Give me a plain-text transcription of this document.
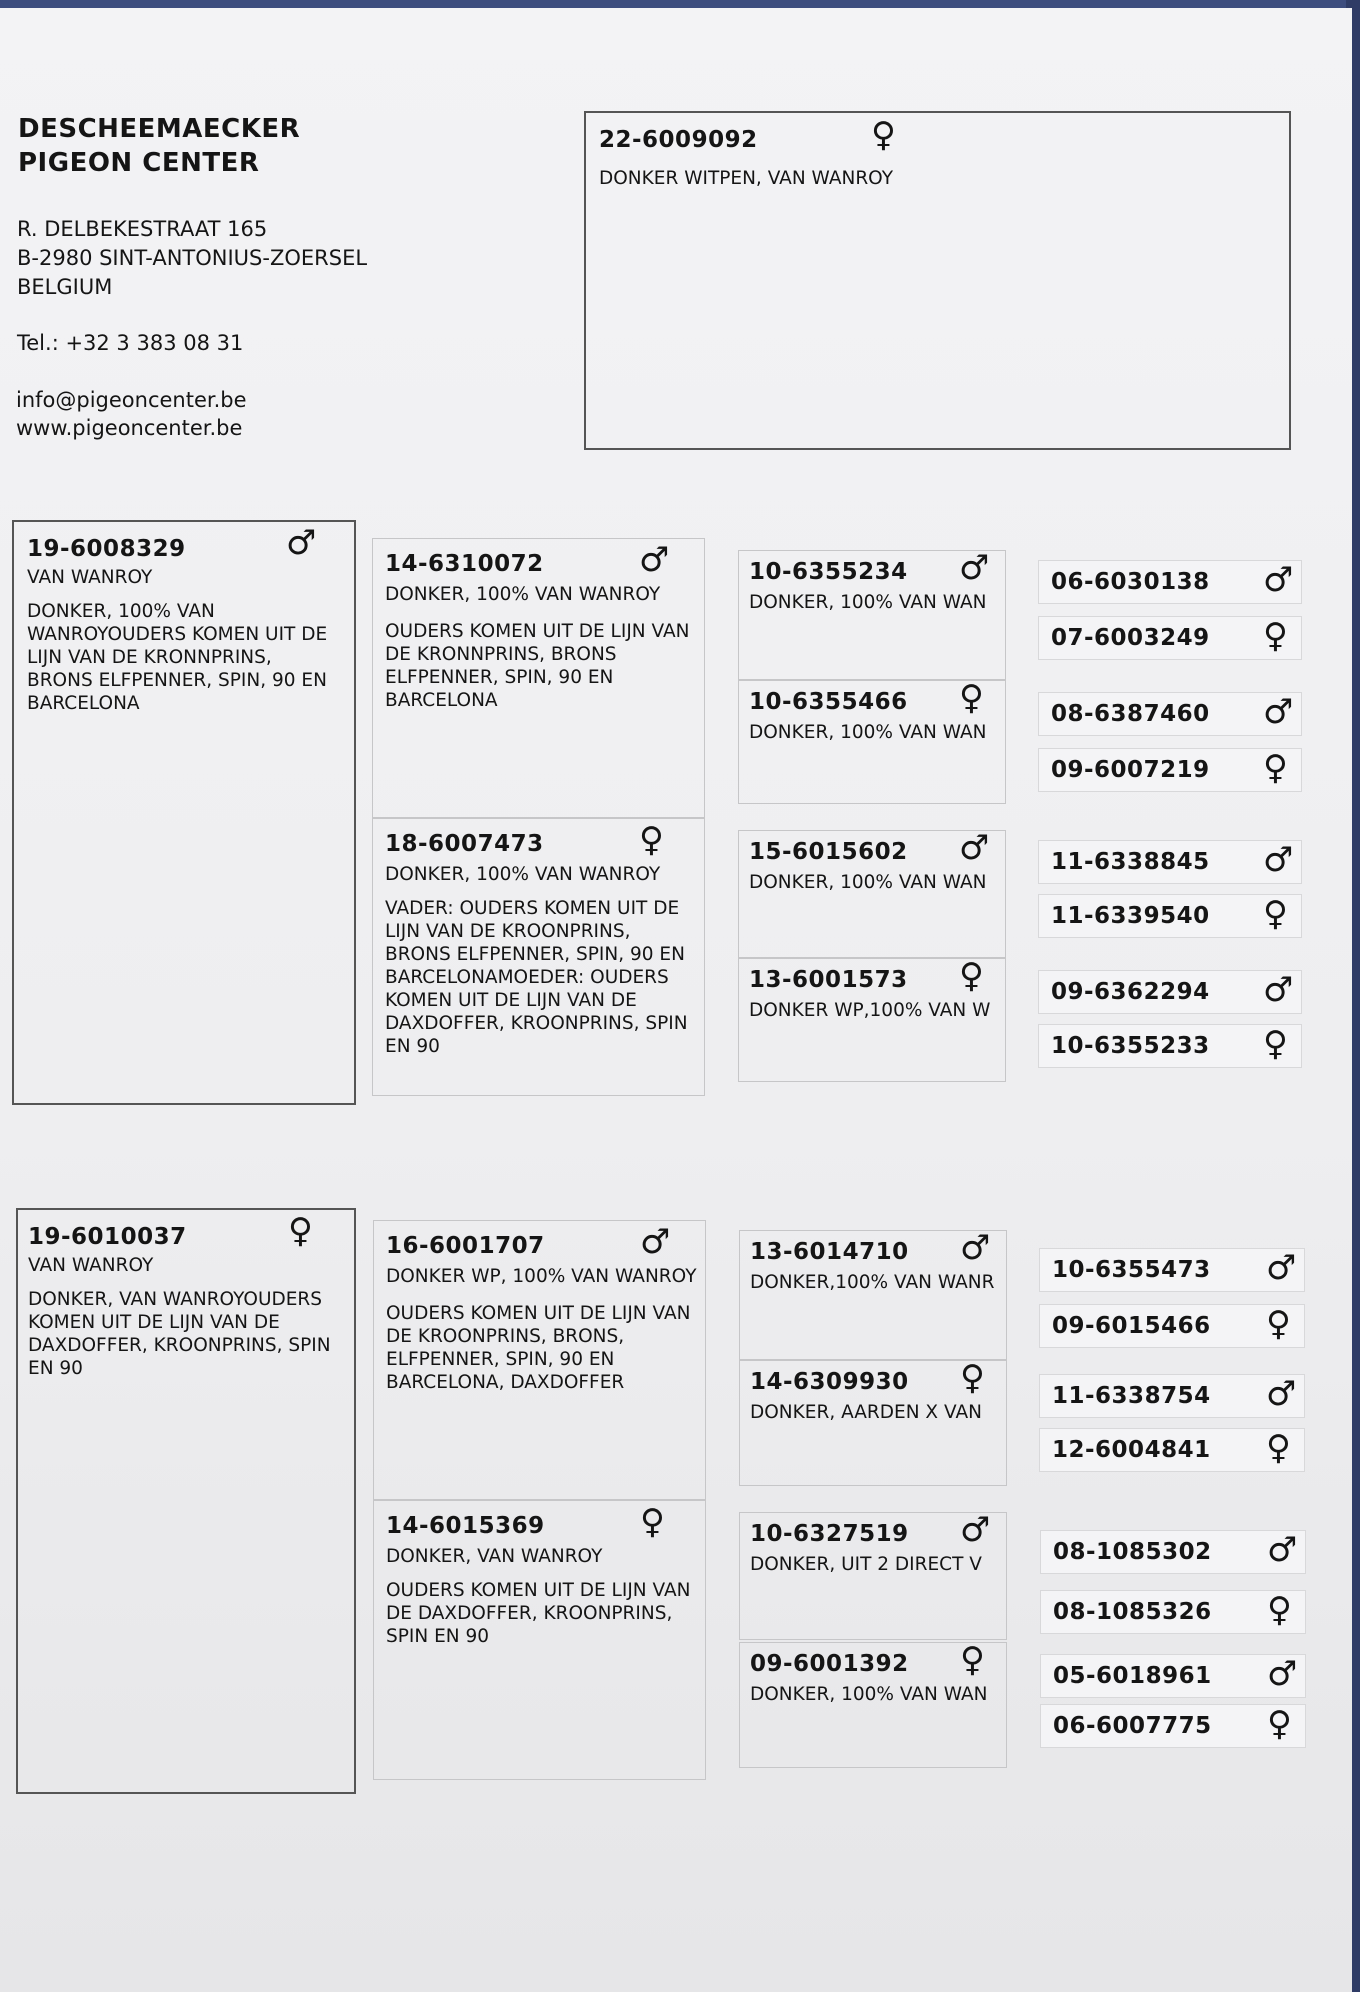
DESCHEEMAECKER
PIGEON CENTER
R. DELBEKESTRAAT 165
B-2980 SINT-ANTONIUS-ZOERSEL
BELGIUM
Tel.: +32 3 383 08 31
info@pigeoncenter.be
www.pigeoncenter.be
22-6009092	♀
DONKER WITPEN, VAN WANROY
19-6008329	♂
VAN WANROY
DONKER, 100% VAN
WANROYOUDERS KOMEN UIT DE
LIJN VAN DE KRONNPRINS,
BRONS ELFPENNER, SPIN, 90 EN
BARCELONA
19-6010037	♀
VAN WANROY
DONKER, VAN WANROYOUDERS
KOMEN UIT DE LIJN VAN DE
DAXDOFFER, KROONPRINS, SPIN
EN 90
14-6310072	♂
DONKER, 100% VAN WANROY
OUDERS KOMEN UIT DE LIJN VAN
DE KRONNPRINS, BRONS
ELFPENNER, SPIN, 90 EN
BARCELONA
18-6007473	♀
DONKER, 100% VAN WANROY
VADER: OUDERS KOMEN UIT DE
LIJN VAN DE KROONPRINS,
BRONS ELFPENNER, SPIN, 90 EN
BARCELONAMOEDER: OUDERS
KOMEN UIT DE LIJN VAN DE
DAXDOFFER, KROONPRINS, SPIN
EN 90
16-6001707	♂
DONKER WP, 100% VAN WANROY
OUDERS KOMEN UIT DE LIJN VAN
DE KROONPRINS, BRONS,
ELFPENNER, SPIN, 90 EN
BARCELONA, DAXDOFFER
14-6015369	♀
DONKER, VAN WANROY
OUDERS KOMEN UIT DE LIJN VAN
DE DAXDOFFER, KROONPRINS,
SPIN EN 90
10-6355234 ♂
DONKER, 100% VAN WAN
10-6355466 ♀
DONKER, 100% VAN WAN
15-6015602 ♂
DONKER, 100% VAN WAN
13-6001573 ♀
DONKER WP,100% VAN W
13-6014710 ♂
DONKER,100% VAN WANR
14-6309930 ♀
DONKER, AARDEN X VAN
10-6327519 ♂
DONKER, UIT 2 DIRECT V
09-6001392 ♀
DONKER, 100% VAN WAN
06-6030138 ♂
07-6003249 ♀
08-6387460 ♂
09-6007219 ♀
11-6338845 ♂
11-6339540 ♀
09-6362294 ♂
10-6355233 ♀
10-6355473 ♂
09-6015466 ♀
11-6338754 ♂
12-6004841 ♀
08-1085302 ♂
08-1085326 ♀
05-6018961 ♂
06-6007775 ♀
